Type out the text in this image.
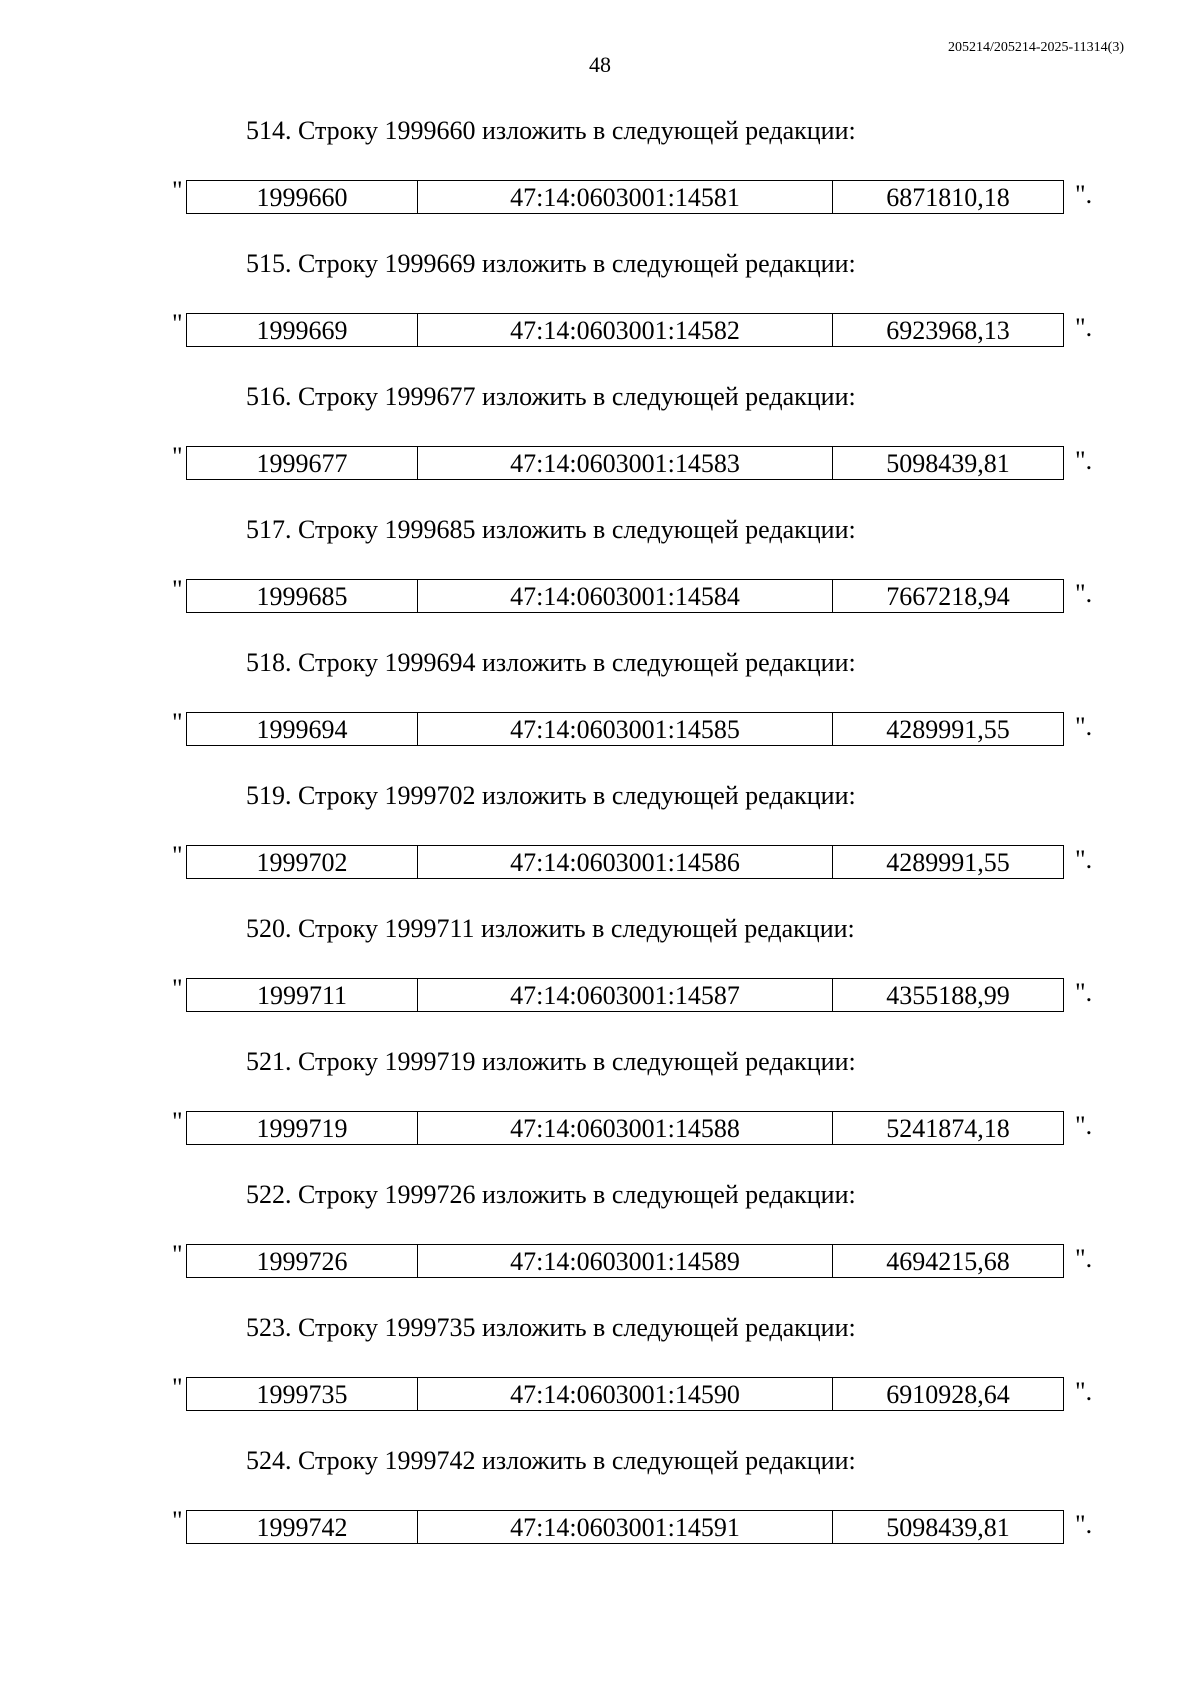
48
205214/205214-2025-11314(3)
514. Строку 1999660 изложить в следующей редакции:
"	1999660	47:14:0603001:14581	6871810,18	".
515. Строку 1999669 изложить в следующей редакции:
"	1999669	47:14:0603001:14582	6923968,13	".
516. Строку 1999677 изложить в следующей редакции:
"	1999677	47:14:0603001:14583	5098439,81	".
517. Строку 1999685 изложить в следующей редакции:
"	1999685	47:14:0603001:14584	7667218,94	".
518. Строку 1999694 изложить в следующей редакции:
"	1999694	47:14:0603001:14585	4289991,55	".
519. Строку 1999702 изложить в следующей редакции:
"	1999702	47:14:0603001:14586	4289991,55	".
520. Строку 1999711 изложить в следующей редакции:
"	1999711	47:14:0603001:14587	4355188,99	".
521. Строку 1999719 изложить в следующей редакции:
"	1999719	47:14:0603001:14588	5241874,18	".
522. Строку 1999726 изложить в следующей редакции:
"	1999726	47:14:0603001:14589	4694215,68	".
523. Строку 1999735 изложить в следующей редакции:
"	1999735	47:14:0603001:14590	6910928,64	".
524. Строку 1999742 изложить в следующей редакции:
"	1999742	47:14:0603001:14591	5098439,81	".
